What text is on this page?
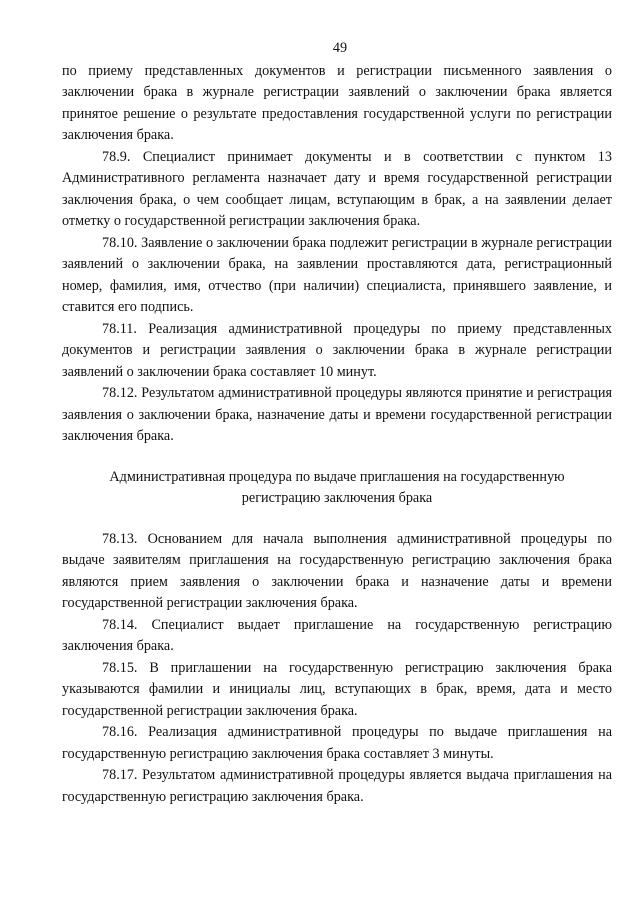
49

по приему представленных документов и регистрации письменного заявления о заключении брака в журнале регистрации заявлений о заключении брака является принятое решение о результате предоставления государственной услуги по регистрации заключения брака.

78.9. Специалист принимает документы и в соответствии с пунктом 13 Административного регламента назначает дату и время государственной регистрации заключения брака, о чем сообщает лицам, вступающим в брак, а на заявлении делает отметку о государственной регистрации заключения брака.

78.10. Заявление о заключении брака подлежит регистрации в журнале регистрации заявлений о заключении брака, на заявлении проставляются дата, регистрационный номер, фамилия, имя, отчество (при наличии) специалиста, принявшего заявление, и ставится его подпись.

78.11. Реализация административной процедуры по приему представленных документов и регистрации заявления о заключении брака в журнале регистрации заявлений о заключении брака составляет 10 минут.

78.12. Результатом административной процедуры являются принятие и регистрация заявления о заключении брака, назначение даты и времени государственной регистрации заключения брака.

Административная процедура по выдаче приглашения на государственную регистрацию заключения брака

78.13. Основанием для начала выполнения административной процедуры по выдаче заявителям приглашения на государственную регистрацию заключения брака являются прием заявления о заключении брака и назначение даты и времени государственной регистрации заключения брака.

78.14. Специалист выдает приглашение на государственную регистрацию заключения брака.

78.15. В приглашении на государственную регистрацию заключения брака указываются фамилии и инициалы лиц, вступающих в брак, время, дата и место государственной регистрации заключения брака.

78.16. Реализация административной процедуры по выдаче приглашения на государственную регистрацию заключения брака составляет 3 минуты.

78.17. Результатом административной процедуры является выдача приглашения на государственную регистрацию заключения брака.
